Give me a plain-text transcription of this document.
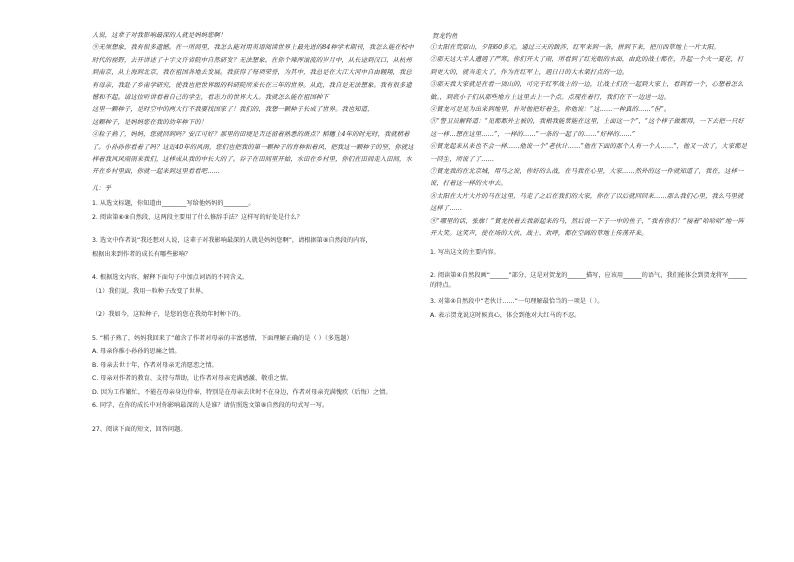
人说，这辈子对我影响最深的人就是妈妈您啊！

⑨无须想象，我有很多遗憾。在一所间里，我怎么能对用英语阅读世界上最先进的84种学术期刊，我怎么能在校中时代的视野，去开讲述了十字文许省院中自然研发？无法想象。在你个辣浑滚流的岁月中，从长途到汉口，从杭州到南京，从上海到北京，我在祖国各地去发展。我获得了每项荣誉，为其中，我总是在大江大河中自由翱翔，我总有母亲，我赴了乡南学研究，使我也把世界级的科研院所来长在三年的世界。从此，我自是无法想象。我有很多遗憾和不起。请这位听讲看着自己的学生，看志力的世界大人。我就怎么能在祖国种下

这里一颗种子，是时空中的两大行不我要找国家了！我们的，我想一颗种子长成了世界。我也知道，

这颗种子，是妈妈您在我的幼年种下的！

④粒子熟了，妈妈，您就回到吗？安江可好？那里的田埂是否还留着熟悉的斑点？稻穗上4年的时光时，我就稍着了。小孙孙你看着了吗？这近40年的风雨，您们也把我的第一颗种子的育种和着风，把我这一颗种子的坚，你就这样着我风风雨雨来我们，这样成从我的中长大的了。谷子在田间里开始，水田在乡村里，你们在田间走入田间，水开在乡村里面，你就一起来到这里看看吧……

儿：乎

1. 从选文标题，你知道由________写给他妈妈的________。

2. 阅读第⑥⑧自然段，这两段主要用了什么修辞手法？这样写的好处是什么？

3. 选文中作者说“我还想对人说，这辈子对我影响最深的人就是妈妈您啊”，请根据第⑧自然段的内容，

根据出来到作者的成长有哪些影响？

4. 根据选文内容，解释下面句子中加点词语的不同含义。

（1）我们说，我用一粒种子改变了世界。

（2）我如今，这粒种子，是您的您在我幼年时种下的。

5. “稻子熟了，妈妈我回来了”蕴含了作者对母亲的丰富感情，下面理解正确的是（ ）（多选题）

A. 母亲你推小孙孙的思痛之情。

B. 母亲去世十年，作者对母亲无消愿恋之情。

C. 母亲对作者的教育、支持与帮助，让作者对母亲充满感激、敬重之情。

D. 因为工作繁忙，不能在母亲身边侍奉，特别是在母亲去世时不在身边，作者对母亲充满愧疚（后悔）之情。

6. 同学，在你的成长中对你影响最深的人是谁？请仿照选文第⑧自然段的句式写一写。

27、阅读下面的短文，回答问题。

賀龙钓鱼

①太阳在荒原山，夕阳60多元。通过三天的跋涉，红军来到一条，拼到下来，把川西草地上一片太阳。

②那天这大半人遭遇了严寒。你们开大了雨，所看到了红光眼的水面，由此的战士都在，升起一个火一夏花，打到更大的，就当走大了，作为在红军上，遇日日的大木架打点的一边。

③那天我大家就是在看一顶山的，可完于红军战士的一边，让战士们在一起到大家上，看到看一个，心想着怎么做。，到底小子们从那些地方上这里去上一个点。点现在着行，我们在下一边送一边。

④賀龙可是见为出来到地里，扑对他把好着生，你他说：“这……一种真的……”但”。

⑤“警卫员解释道：“见都都外主被的，我根我能常能在这里，上面这一个”，“这个样子做都得，一下去把一只好这一样…想在这里……”，一样的……”一条的一起了的……“好样的……”

⑥賀龙起来从来也不会一样……他说一个“老伙计……”他在下面的那个人有一个人……”，他又一次了，大家都是一回生，所说了了……

⑦賀龙我的在北京城，用马之说，你好的么战，在马我在心里，大家……然外的这一件就知道了，我在，这样一说，打着这一样的火中去。

⑧太阳在大片大片的马在这里，马走了之后在我们的大家，你在了以后就回回来……那么我们心里，我么马里就这样了……

⑨“哪里的话，张廓！”賀龙扶着去我新起来的马，然后说一下子一中的鱼子，“我有你们！”接着“哈哈哈”地一阵开大笑。这笑声，使在场的大伙、战士、欢呼，都在空阔的草地上传荡开来。

1. 写出这文的主要内容。

2. 阅读第④自然段画“______”部分，这是对贺龙的______描写，应该用______的语气，我们能体会到贺龙将军______的特点。

3. 对第④自然段中“老伙计……”一句理解最恰当的一项是（ ）。

A. 表示贺龙说这时候真心，体会到他对大红马的不忍。
